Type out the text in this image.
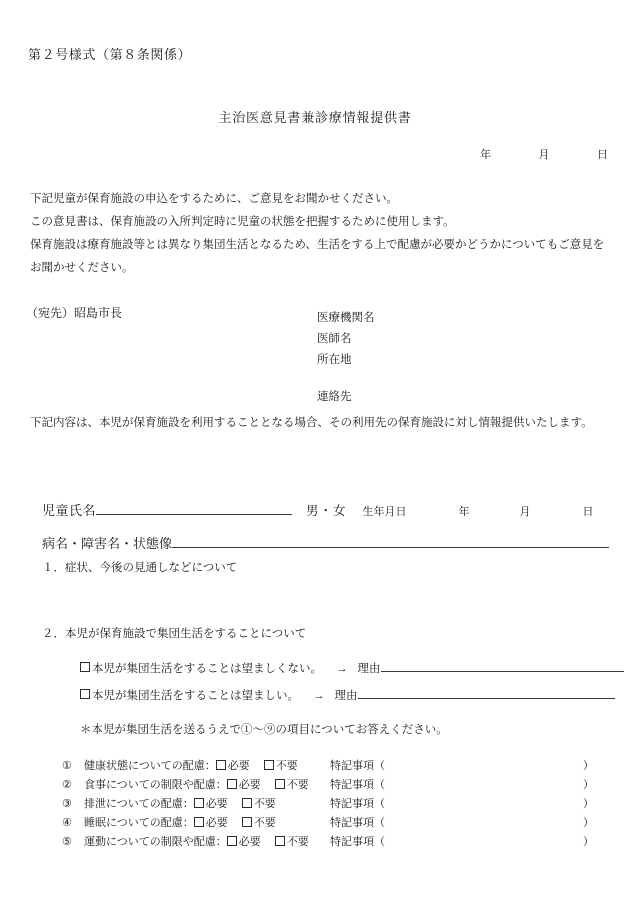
第２号様式（第８条関係）
主治医意見書兼診療情報提供書
年	月	日
下記児童が保育施設の申込をするために、ご意見をお聞かせください。
この意見書は、保育施設の入所判定時に児童の状態を把握するために使用します。
保育施設は療育施設等とは異なり集団生活となるため、生活をする上で配慮が必要かどうかについてもご意見を
お聞かせください。
（宛先）昭島市長	医療機関名
医師名
所在地
連絡先
下記内容は、本児が保育施設を利用することとなる場合、その利用先の保育施設に対し情報提供いたします。
児童氏名	男・女 生年月日	年	月	日
病名・障害名・状態像
１．症状、今後の見通しなどについて
２．本児が保育施設で集団生活をすることについて
本児が集団生活をすることは望ましくない。 → 理由
本児が集団生活をすることは望ましい。 → 理由
＊本児が集団生活を送るうえで①～⑨の項目についてお答えください。
①	健康状態についての配慮：	必要	不要	特記事項（	）
②	食事についての制限や配慮：	必要	不要 特記事項（	）
③	排泄についての配慮：	必要	不要	特記事項（	）
④	睡眠についての配慮：	必要	不要	特記事項（	）
⑤	運動についての制限や配慮：	必要	不要 特記事項（	）
